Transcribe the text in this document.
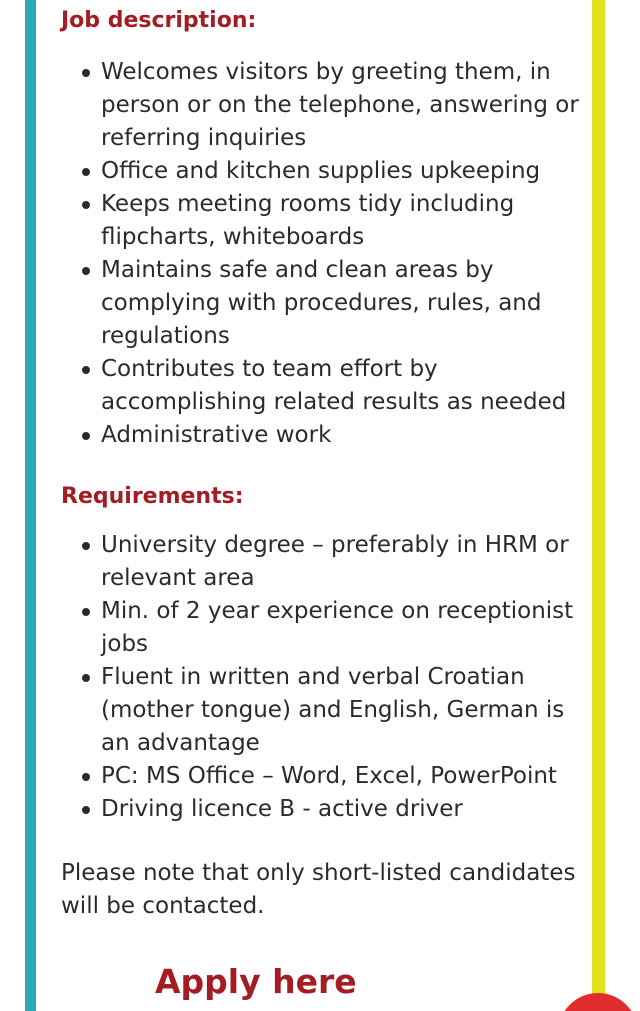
Job description:
Welcomes visitors by greeting them, in person or on the telephone, answering or referring inquiries
Office and kitchen supplies upkeeping
Keeps meeting rooms tidy including flipcharts, whiteboards
Maintains safe and clean areas by complying with procedures, rules, and regulations
Contributes to team effort by accomplishing related results as needed
Administrative work
Requirements:
University degree – preferably in HRM or relevant area
Min. of 2 year experience on receptionist jobs
Fluent in written and verbal Croatian (mother tongue) and English, German is an advantage
PC: MS Office – Word, Excel, PowerPoint
Driving licence B - active driver

Please note that only short-listed candidates will be contacted.

Apply here
